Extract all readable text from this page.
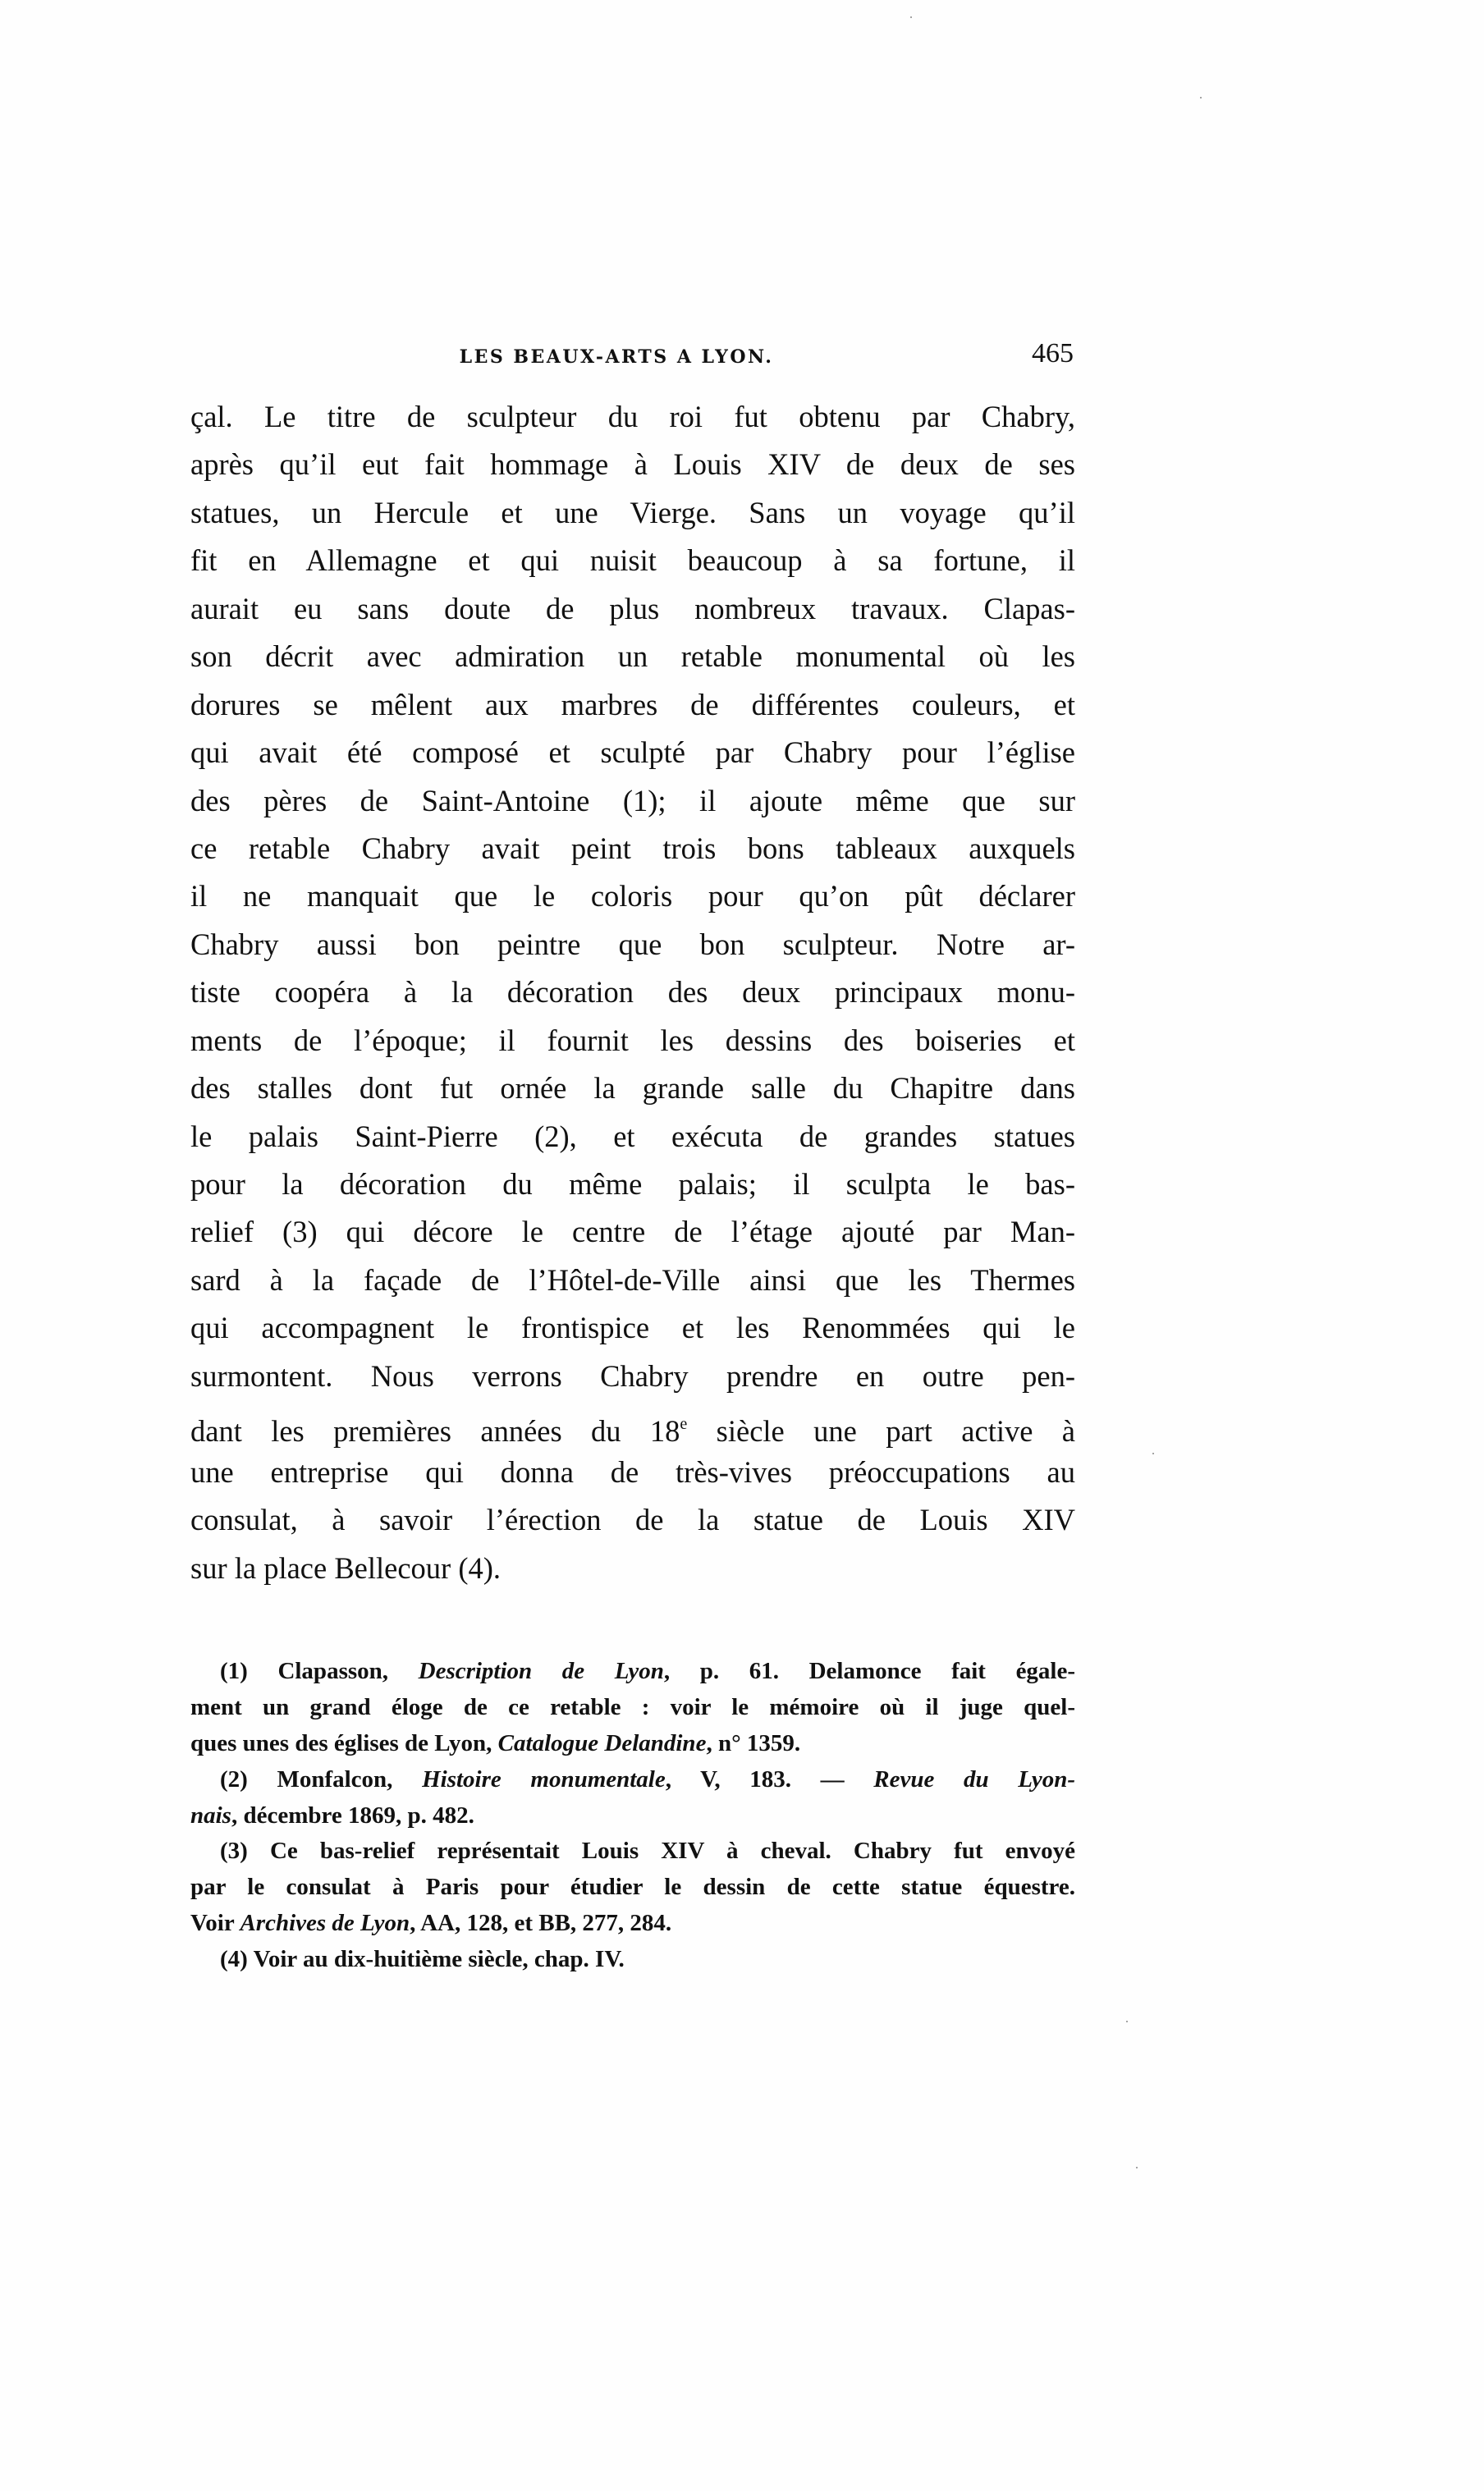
LES BEAUX-ARTS A LYON.	465
çal. Le titre de sculpteur du roi fut obtenu par Chabry,
après qu’il eut fait hommage à Louis XIV de deux de ses
statues, un Hercule et une Vierge. Sans un voyage qu’il
fit en Allemagne et qui nuisit beaucoup à sa fortune, il
aurait eu sans doute de plus nombreux travaux. Clapas-
son décrit avec admiration un retable monumental où les
dorures se mêlent aux marbres de différentes couleurs, et
qui avait été composé et sculpté par Chabry pour l’église
des pères de Saint-Antoine (1); il ajoute même que sur
ce retable Chabry avait peint trois bons tableaux auxquels
il ne manquait que le coloris pour qu’on pût déclarer
Chabry aussi bon peintre que bon sculpteur. Notre ar-
tiste coopéra à la décoration des deux principaux monu-
ments de l’époque; il fournit les dessins des boiseries et
des stalles dont fut ornée la grande salle du Chapitre dans
le palais Saint-Pierre (2), et exécuta de grandes statues
pour la décoration du même palais; il sculpta le bas-
relief (3) qui décore le centre de l’étage ajouté par Man-
sard à la façade de l’Hôtel-de-Ville ainsi que les Thermes
qui accompagnent le frontispice et les Renommées qui le
surmontent. Nous verrons Chabry prendre en outre pen-
dant les premières années du 18e siècle une part active à
une entreprise qui donna de très-vives préoccupations au
consulat, à savoir l’érection de la statue de Louis XIV
sur la place Bellecour (4).
(1) Clapasson, Description de Lyon, p. 61. Delamonce fait égale-
ment un grand éloge de ce retable : voir le mémoire où il juge quel-
ques unes des églises de Lyon, Catalogue Delandine, n° 1359.
(2) Monfalcon, Histoire monumentale, V, 183. — Revue du Lyon-
nais, décembre 1869, p. 482.
(3) Ce bas-relief représentait Louis XIV à cheval. Chabry fut envoyé
par le consulat à Paris pour étudier le dessin de cette statue équestre.
Voir Archives de Lyon, AA, 128, et BB, 277, 284.
(4) Voir au dix-huitième siècle, chap. IV.
